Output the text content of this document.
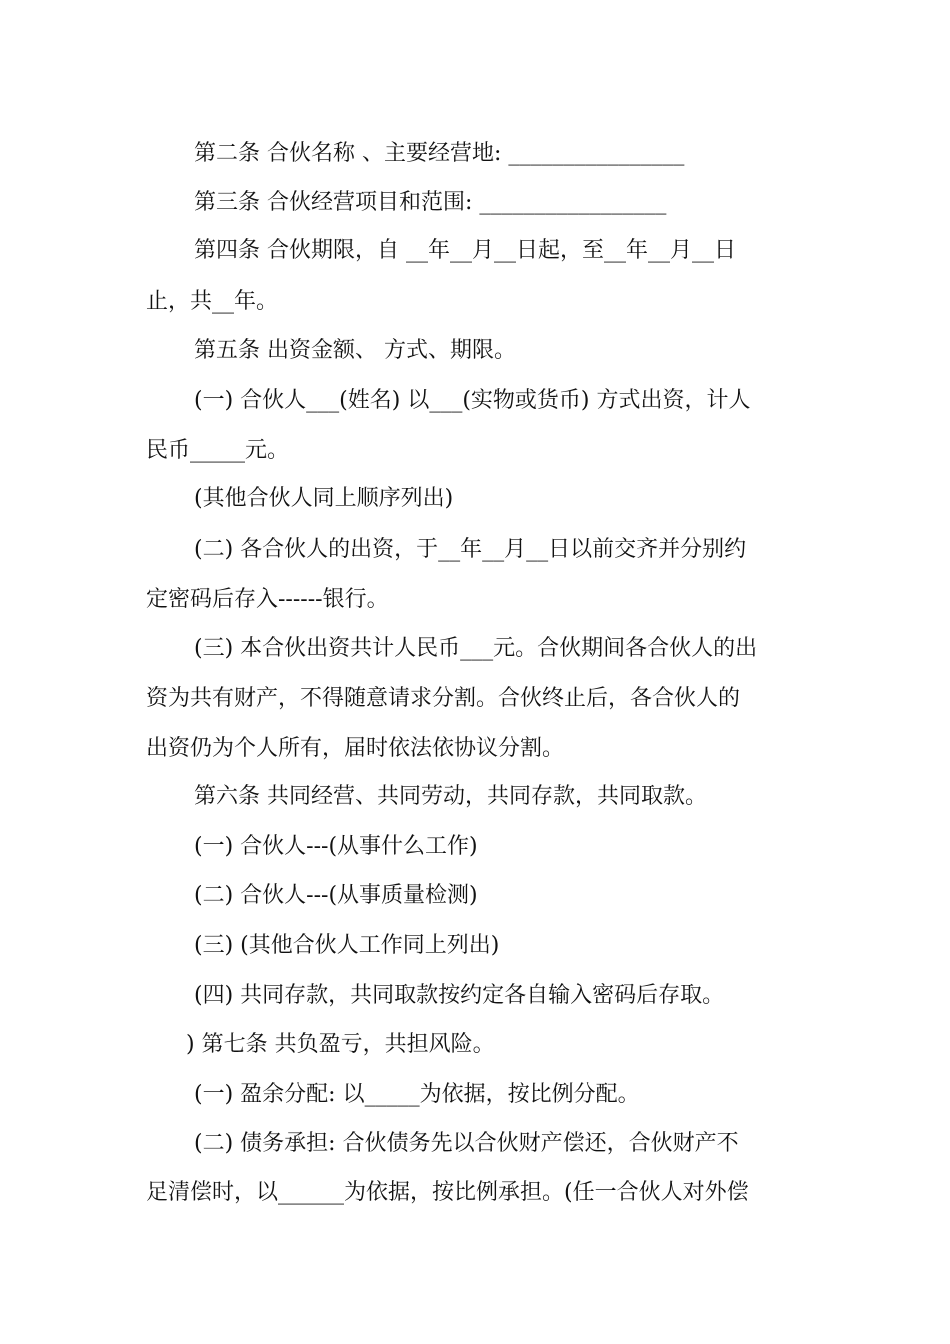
第二条 合伙名称 、主要经营地: ________________
第三条 合伙经营项目和范围: _________________
第四条 合伙期限，自 __年__月__日起，至__年__月__日
止，共__年。
第五条 出资金额、 方式、期限。
(一) 合伙人___(姓名) 以___(实物或货币) 方式出资，计人
民币_____元。
(其他合伙人同上顺序列出)
(二) 各合伙人的出资，于__年__月__日以前交齐并分别约
定密码后存入------银行。
(三) 本合伙出资共计人民币___元。合伙期间各合伙人的出
资为共有财产，不得随意请求分割。合伙终止后，各合伙人的
出资仍为个人所有，届时依法依协议分割。
第六条 共同经营、共同劳动，共同存款，共同取款。
(一) 合伙人---(从事什么工作)
(二) 合伙人---(从事质量检测)
(三) (其他合伙人工作同上列出)
(四) 共同存款，共同取款按约定各自输入密码后存取。
) 第七条 共负盈亏，共担风险。
(一) 盈余分配: 以_____为依据，按比例分配。
(二) 债务承担: 合伙债务先以合伙财产偿还，合伙财产不
足清偿时，以______为依据，按比例承担。(任一合伙人对外偿
